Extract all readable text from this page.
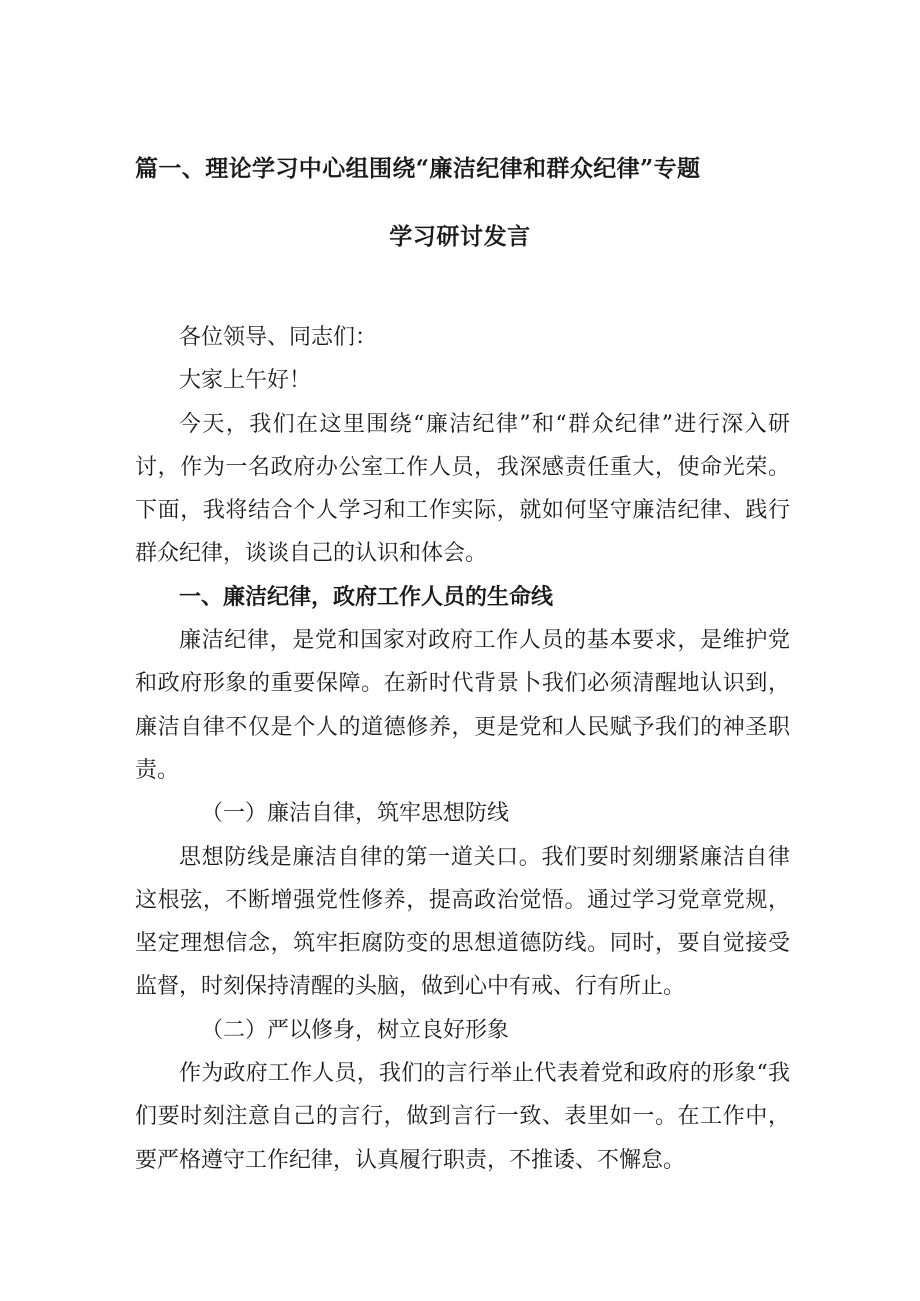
篇一、理论学习中心组围绕“廉洁纪律和群众纪律”专题
学习研讨发言

各位领导、同志们：

大家上午好！

今天，我们在这里围绕“廉洁纪律”和“群众纪律”进行深入研讨，作为一名政府办公室工作人员，我深感责任重大，使命光荣。下面，我将结合个人学习和工作实际，就如何坚守廉洁纪律、践行群众纪律，谈谈自己的认识和体会。

一、廉洁纪律，政府工作人员的生命线

廉洁纪律，是党和国家对政府工作人员的基本要求，是维护党和政府形象的重要保障。在新时代背景卜我们必须清醒地认识到，廉洁自律不仅是个人的道德修养，更是党和人民赋予我们的神圣职责。

（一）廉洁自律，筑牢思想防线

思想防线是廉洁自律的第一道关口。我们要时刻绷紧廉洁自律这根弦，不断增强党性修养，提高政治觉悟。通过学习党章党规，坚定理想信念，筑牢拒腐防变的思想道德防线。同时，要自觉接受监督，时刻保持清醒的头脑，做到心中有戒、行有所止。

（二）严以修身，树立良好形象

作为政府工作人员，我们的言行举止代表着党和政府的形象“我们要时刻注意自己的言行，做到言行一致、表里如一。在工作中，要严格遵守工作纪律，认真履行职责，不推诿、不懈怠。
